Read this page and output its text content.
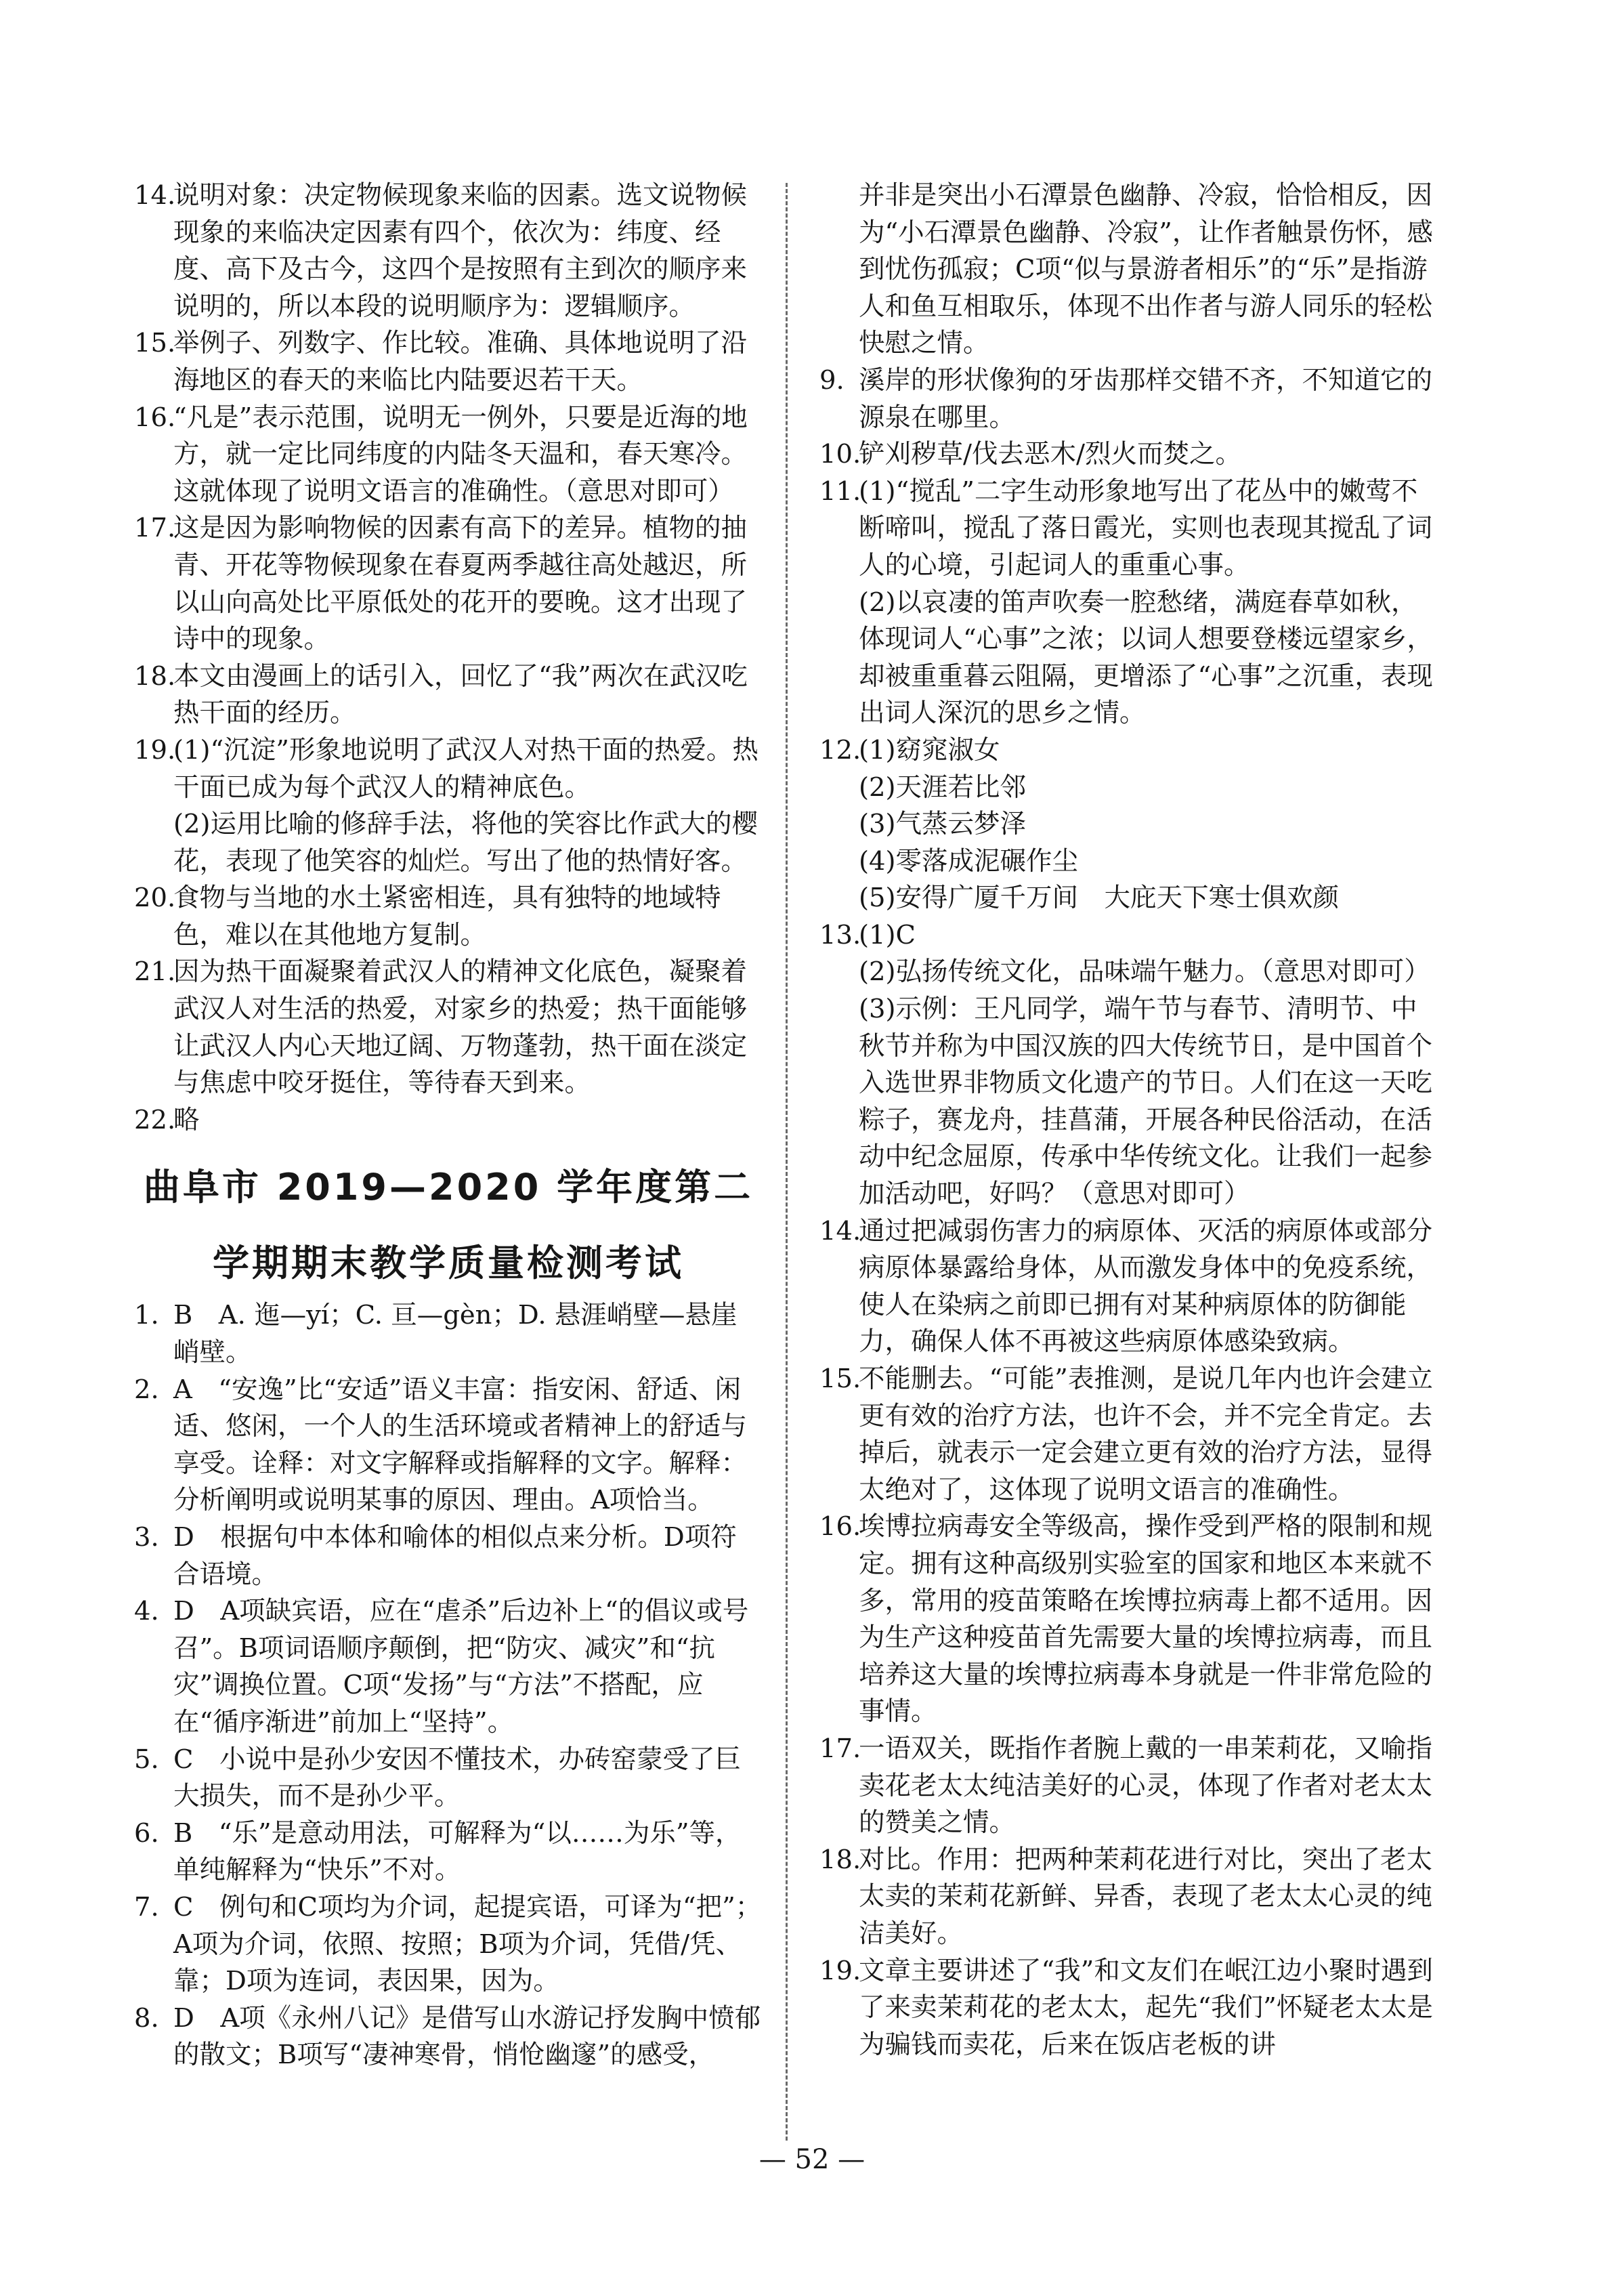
14.

说明对象：决定物候现象来临的因素。选文说物候现象的来临决定因素有四个，依次为：纬度、经度、高下及古今，这四个是按照有主到次的顺序来说明的，所以本段的说明顺序为：逻辑顺序。

15.

举例子、列数字、作比较。准确、具体地说明了沿海地区的春天的来临比内陆要迟若干天。

16.

“凡是”表示范围，说明无一例外，只要是近海的地方，就一定比同纬度的内陆冬天温和，春天寒冷。这就体现了说明文语言的准确性。（意思对即可）

17.

这是因为影响物候的因素有高下的差异。植物的抽青、开花等物候现象在春夏两季越往高处越迟，所以山向高处比平原低处的花开的要晚。这才出现了诗中的现象。

18.

本文由漫画上的话引入，回忆了“我”两次在武汉吃热干面的经历。

19.

(1)“沉淀”形象地说明了武汉人对热干面的热爱。热干面已成为每个武汉人的精神底色。

(2)运用比喻的修辞手法，将他的笑容比作武大的樱花，表现了他笑容的灿烂。写出了他的热情好客。

20.

食物与当地的水土紧密相连，具有独特的地域特色，难以在其他地方复制。

21.

因为热干面凝聚着武汉人的精神文化底色，凝聚着武汉人对生活的热爱，对家乡的热爱；热干面能够让武汉人内心天地辽阔、万物蓬勃，热干面在淡定与焦虑中咬牙挺住，等待春天到来。

22.

略

曲阜市 2019—2020 学年度第二
学期期末教学质量检测考试
1. B　A. 迤—yí；C. 亘—gèn；D. 悬涯峭壁—悬崖峭壁。

2. A　“安逸”比“安适”语义丰富：指安闲、舒适、闲适、悠闲，一个人的生活环境或者精神上的舒适与享受。诠释：对文字解释或指解释的文字。解释：分析阐明或说明某事的原因、理由。A项恰当。

3. D　根据句中本体和喻体的相似点来分析。D项符合语境。

4. D　A项缺宾语，应在“虐杀”后边补上“的倡议或号召”。B项词语顺序颠倒，把“防灾、减灾”和“抗灾”调换位置。C项“发扬”与“方法”不搭配，应在“循序渐进”前加上“坚持”。

5. C　小说中是孙少安因不懂技术，办砖窑蒙受了巨大损失，而不是孙少平。

6. B　“乐”是意动用法，可解释为“以……为乐”等，单纯解释为“快乐”不对。

7. C　例句和C项均为介词，起提宾语，可译为“把”；A项为介词，依照、按照；B项为介词，凭借/凭、靠；D项为连词，表因果，因为。

8. D　A项《永州八记》是借写山水游记抒发胸中愤郁的散文；B项写“凄神寒骨，悄怆幽邃”的感受，

并非是突出小石潭景色幽静、冷寂，恰恰相反，因为“小石潭景色幽静、冷寂”，让作者触景伤怀，感到忧伤孤寂；C项“似与景游者相乐”的“乐”是指游人和鱼互相取乐，体现不出作者与游人同乐的轻松快慰之情。

9. 溪岸的形状像狗的牙齿那样交错不齐，不知道它的源泉在哪里。

10.

铲刈秽草/伐去恶木/烈火而焚之。

11.

(1)“搅乱”二字生动形象地写出了花丛中的嫩莺不断啼叫，搅乱了落日霞光，实则也表现其搅乱了词人的心境，引起词人的重重心事。

(2)以哀凄的笛声吹奏一腔愁绪，满庭春草如秋，体现词人“心事”之浓；以词人想要登楼远望家乡，却被重重暮云阻隔，更增添了“心事”之沉重，表现出词人深沉的思乡之情。

12.

(1)窈窕淑女

(2)天涯若比邻

(3)气蒸云梦泽

(4)零落成泥碾作尘

(5)安得广厦千万间　大庇天下寒士俱欢颜

13.

(1)C

(2)弘扬传统文化，品味端午魅力。（意思对即可）

(3)示例：王凡同学，端午节与春节、清明节、中秋节并称为中国汉族的四大传统节日，是中国首个入选世界非物质文化遗产的节日。人们在这一天吃粽子，赛龙舟，挂菖蒲，开展各种民俗活动，在活动中纪念屈原，传承中华传统文化。让我们一起参加活动吧，好吗？（意思对即可）

14.

通过把减弱伤害力的病原体、灭活的病原体或部分病原体暴露给身体，从而激发身体中的免疫系统，使人在染病之前即已拥有对某种病原体的防御能力，确保人体不再被这些病原体感染致病。

15.

不能删去。“可能”表推测，是说几年内也许会建立更有效的治疗方法，也许不会，并不完全肯定。去掉后，就表示一定会建立更有效的治疗方法，显得太绝对了，这体现了说明文语言的准确性。

16.

埃博拉病毒安全等级高，操作受到严格的限制和规定。拥有这种高级别实验室的国家和地区本来就不多，常用的疫苗策略在埃博拉病毒上都不适用。因为生产这种疫苗首先需要大量的埃博拉病毒，而且培养这大量的埃博拉病毒本身就是一件非常危险的事情。

17.

一语双关，既指作者腕上戴的一串茉莉花，又喻指卖花老太太纯洁美好的心灵，体现了作者对老太太的赞美之情。

18.

对比。作用：把两种茉莉花进行对比，突出了老太太卖的茉莉花新鲜、异香，表现了老太太心灵的纯洁美好。

19.

文章主要讲述了“我”和文友们在岷江边小聚时遇到了来卖茉莉花的老太太，起先“我们”怀疑老太太是为骗钱而卖花，后来在饭店老板的讲

— 52 —
